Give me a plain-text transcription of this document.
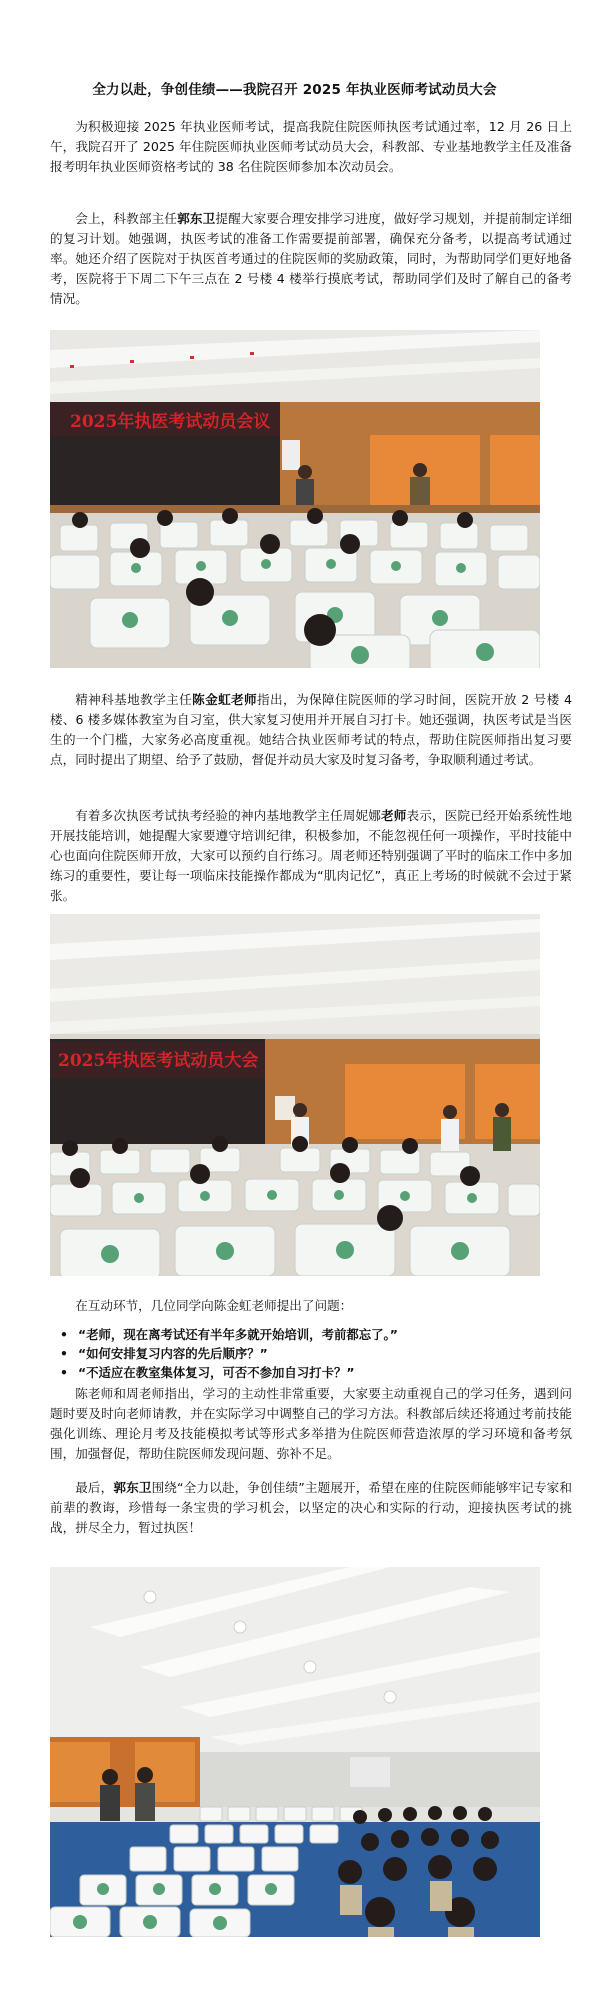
全力以赴，争创佳绩——我院召开 2025 年执业医师考试动员大会

为积极迎接 2025 年执业医师考试，提高我院住院医师执医考试通过率，12 月 26 日上午，我院召开了 2025 年住院医师执业医师考试动员大会，科教部、专业基地教学主任及准备报考明年执业医师资格考试的 38 名住院医师参加本次动员会。

会上，科教部主任郭东卫提醒大家要合理安排学习进度，做好学习规划，并提前制定详细的复习计划。她强调，执医考试的准备工作需要提前部署，确保充分备考，以提高考试通过率。她还介绍了医院对于执医首考通过的住院医师的奖励政策，同时，为帮助同学们更好地备考，医院将于下周二下午三点在 2 号楼 4 楼举行摸底考试，帮助同学们及时了解自己的备考情况。

2025年执医考试动员会议

精神科基地教学主任陈金虹老师指出，为保障住院医师的学习时间，医院开放 2 号楼 4 楼、6 楼多媒体教室为自习室，供大家复习使用并开展自习打卡。她还强调，执医考试是当医生的一个门槛，大家务必高度重视。她结合执业医师考试的特点，帮助住院医师指出复习要点，同时提出了期望、给予了鼓励，督促并动员大家及时复习备考，争取顺利通过考试。

有着多次执医考试执考经验的神内基地教学主任周妮娜老师表示，医院已经开始系统性地开展技能培训，她提醒大家要遵守培训纪律，积极参加，不能忽视任何一项操作，平时技能中心也面向住院医师开放，大家可以预约自行练习。周老师还特别强调了平时的临床工作中多加练习的重要性，要让每一项临床技能操作都成为“肌肉记忆”，真正上考场的时候就不会过于紧张。

2025年执医考试动员大会

在互动环节，几位同学向陈金虹老师提出了问题：

• “老师，现在离考试还有半年多就开始培训，考前都忘了。”
• “如何安排复习内容的先后顺序？”
• “不适应在教室集体复习，可否不参加自习打卡？”

陈老师和周老师指出，学习的主动性非常重要，大家要主动重视自己的学习任务，遇到问题时要及时向老师请教，并在实际学习中调整自己的学习方法。科教部后续还将通过考前技能强化训练、理论月考及技能模拟考试等形式多举措为住院医师营造浓厚的学习环境和备考氛围，加强督促，帮助住院医师发现问题、弥补不足。

最后，郭东卫围绕“全力以赴，争创佳绩”主题展开，希望在座的住院医师能够牢记专家和前辈的教诲，珍惜每一条宝贵的学习机会，以坚定的决心和实际的行动，迎接执医考试的挑战，拼尽全力，暂过执医！
